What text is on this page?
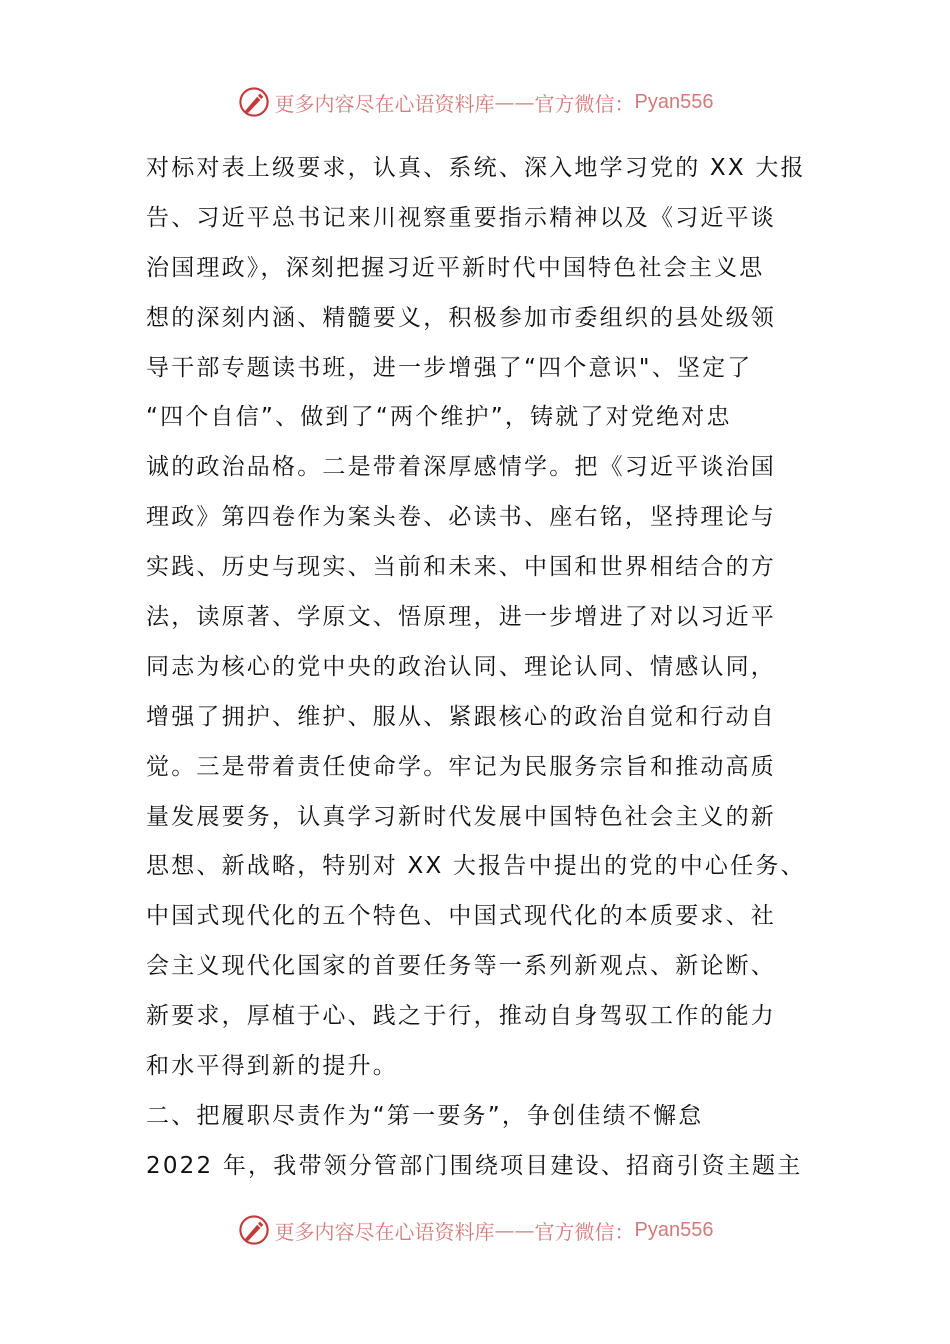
更多内容尽在心语资料库 —— 官方微信： Pyan556
对标对表上级要求，认真、系统、深入地学习党的 XX 大报
告、习近平总书记来川视察重要指示精神以及《习近平谈
治国理政》，深刻把握习近平新时代中国特色社会主义思
想的深刻内涵、精髓要义，积极参加市委组织的县处级领
导干部专题读书班，进一步增强了“四个意识"、坚定了
“四个自信”、做到了“两个维护”，铸就了对党绝对忠
诚的政治品格。二是带着深厚感情学。把《习近平谈治国
理政》第四卷作为案头卷、必读书、座右铭，坚持理论与
实践、历史与现实、当前和未来、中国和世界相结合的方
法，读原著、学原文、悟原理，进一步增进了对以习近平
同志为核心的党中央的政治认同、理论认同、情感认同，
增强了拥护、维护、服从、紧跟核心的政治自觉和行动自
觉。三是带着责任使命学。牢记为民服务宗旨和推动高质
量发展要务，认真学习新时代发展中国特色社会主义的新
思想、新战略，特别对 XX 大报告中提出的党的中心任务、
中国式现代化的五个特色、中国式现代化的本质要求、社
会主义现代化国家的首要任务等一系列新观点、新论断、
新要求，厚植于心、践之于行，推动自身驾驭工作的能力
和水平得到新的提升。
二、把履职尽责作为“第一要务”，争创佳绩不懈怠
2022 年，我带领分管部门围绕项目建设、招商引资主题主
更多内容尽在心语资料库 —— 官方微信： Pyan556
